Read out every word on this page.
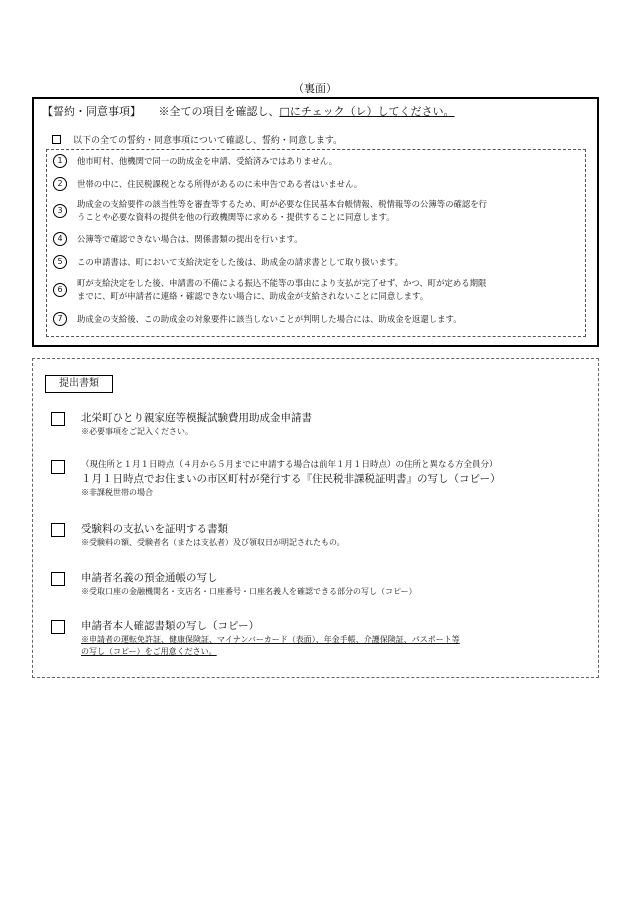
（裏面）
【誓約・同意事項】 ※全ての項目を確認し、□にチェック（レ）してください。
以下の全ての誓約・同意事項について確認し、誓約・同意します。
1	他市町村、他機関で同一の助成金を申請、受給済みではありません。
2	世帯の中に、住民税課税となる所得があるのに未申告である者はいません。
3
助成金の支給要件の該当性等を審査等するため、町が必要な住民基本台帳情報、税情報等の公簿等の確認を行
うことや必要な資料の提供を他の行政機関等に求める・提供することに同意します。
4	公簿等で確認できない場合は、関係書類の提出を行います。
5	この申請書は、町において支給決定をした後は、助成金の請求書として取り扱います。
6
町が支給決定をした後、申請書の不備による振込不能等の事由により支払が完了せず、かつ、町が定める期限
までに、町が申請者に連絡・確認できない場合に、助成金が支給されないことに同意します。
7	助成金の支給後、この助成金の対象要件に該当しないことが判明した場合には、助成金を返還します。
提出書類
北栄町ひとり親家庭等模擬試験費用助成金申請書
※必要事項をご記入ください。
（現住所と１月１日時点（４月から５月までに申請する場合は前年１月１日時点）の住所と異なる方全員分）
１月１日時点でお住まいの市区町村が発行する『住民税非課税証明書』の写し（コピー）
※非課税世帯の場合
受験料の支払いを証明する書類
※受験料の額、受験者名（または支払者）及び領収日が明記されたもの。
申請者名義の預金通帳の写し
※受取口座の金融機関名・支店名・口座番号・口座名義人を確認できる部分の写し（コピー）
申請者本人確認書類の写し（コピー）
※申請者の運転免許証、健康保険証、マイナンバーカード（表面）、年金手帳、介護保険証、パスポート等
の写し（コピー）をご用意ください。
